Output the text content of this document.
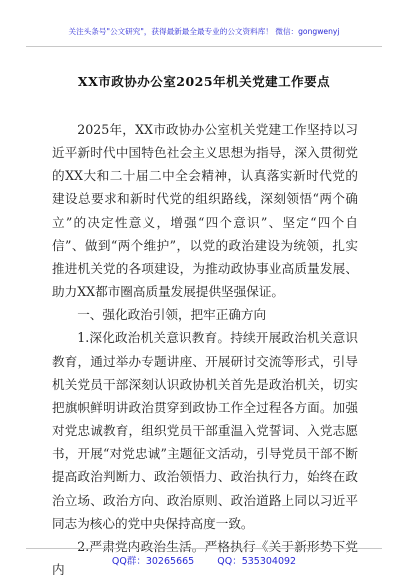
关注头条号"公文研究"，获得最新最全最专业的公文资料库！ 微信：gongwenyj
XX市政协办公室2025年机关党建工作要点

2025年，XX市政协办公室机关党建工作坚持以习近平新时代中国特色社会主义思想为指导，深入贯彻党的XX大和二十届二中全会精神，认真落实新时代党的建设总要求和新时代党的组织路线，深刻领悟“两个确立”的决定性意义，增强“四个意识”、坚定“四个自信”、做到“两个维护”，以党的政治建设为统领，扎实推进机关党的各项建设，为推动政协事业高质量发展、助力XX都市圈高质量发展提供坚强保证。

一、强化政治引领，把牢正确方向

1.深化政治机关意识教育。持续开展政治机关意识教育，通过举办专题讲座、开展研讨交流等形式，引导机关党员干部深刻认识政协机关首先是政治机关，切实把旗帜鲜明讲政治贯穿到政协工作全过程各方面。加强对党忠诚教育，组织党员干部重温入党誓词、入党志愿书，开展“对党忠诚”主题征文活动，引导党员干部不断提高政治判断力、政治领悟力、政治执行力，始终在政治立场、政治方向、政治原则、政治道路上同以习近平同志为核心的党中央保持高度一致。

2.严肃党内政治生活。严格执行《关于新形势下党内

QQ群：30265665 QQ：535304092
